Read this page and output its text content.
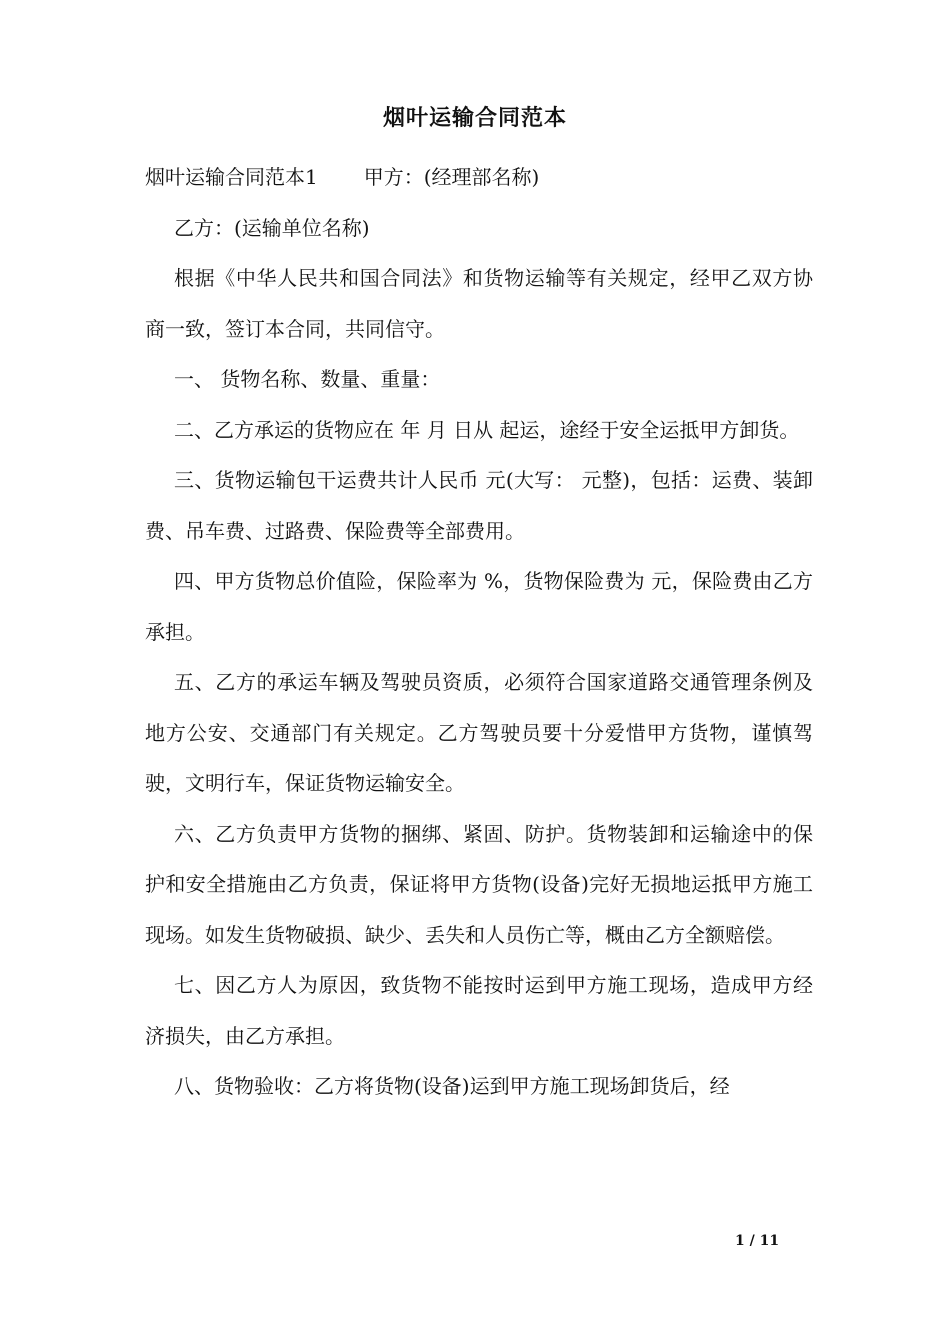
烟叶运输合同范本

烟叶运输合同范本1 甲方：(经理部名称)

乙方：(运输单位名称)

根据《中华人民共和国合同法》和货物运输等有关规定，经甲乙双方协商一致，签订本合同，共同信守。

一、 货物名称、数量、重量：

二、乙方承运的货物应在 年 月 日从 起运，途经于安全运抵甲方卸货。

三、货物运输包干运费共计人民币 元(大写： 元整)，包括：运费、装卸费、吊车费、过路费、保险费等全部费用。

四、甲方货物总价值险，保险率为 %，货物保险费为 元，保险费由乙方承担。

五、乙方的承运车辆及驾驶员资质，必须符合国家道路交通管理条例及地方公安、交通部门有关规定。乙方驾驶员要十分爱惜甲方货物，谨慎驾驶，文明行车，保证货物运输安全。

六、乙方负责甲方货物的捆绑、紧固、防护。货物装卸和运输途中的保护和安全措施由乙方负责，保证将甲方货物(设备)完好无损地运抵甲方施工现场。如发生货物破损、缺少、丢失和人员伤亡等，概由乙方全额赔偿。

七、因乙方人为原因，致货物不能按时运到甲方施工现场，造成甲方经济损失，由乙方承担。

八、货物验收：乙方将货物(设备)运到甲方施工现场卸货后，经

1 / 11
